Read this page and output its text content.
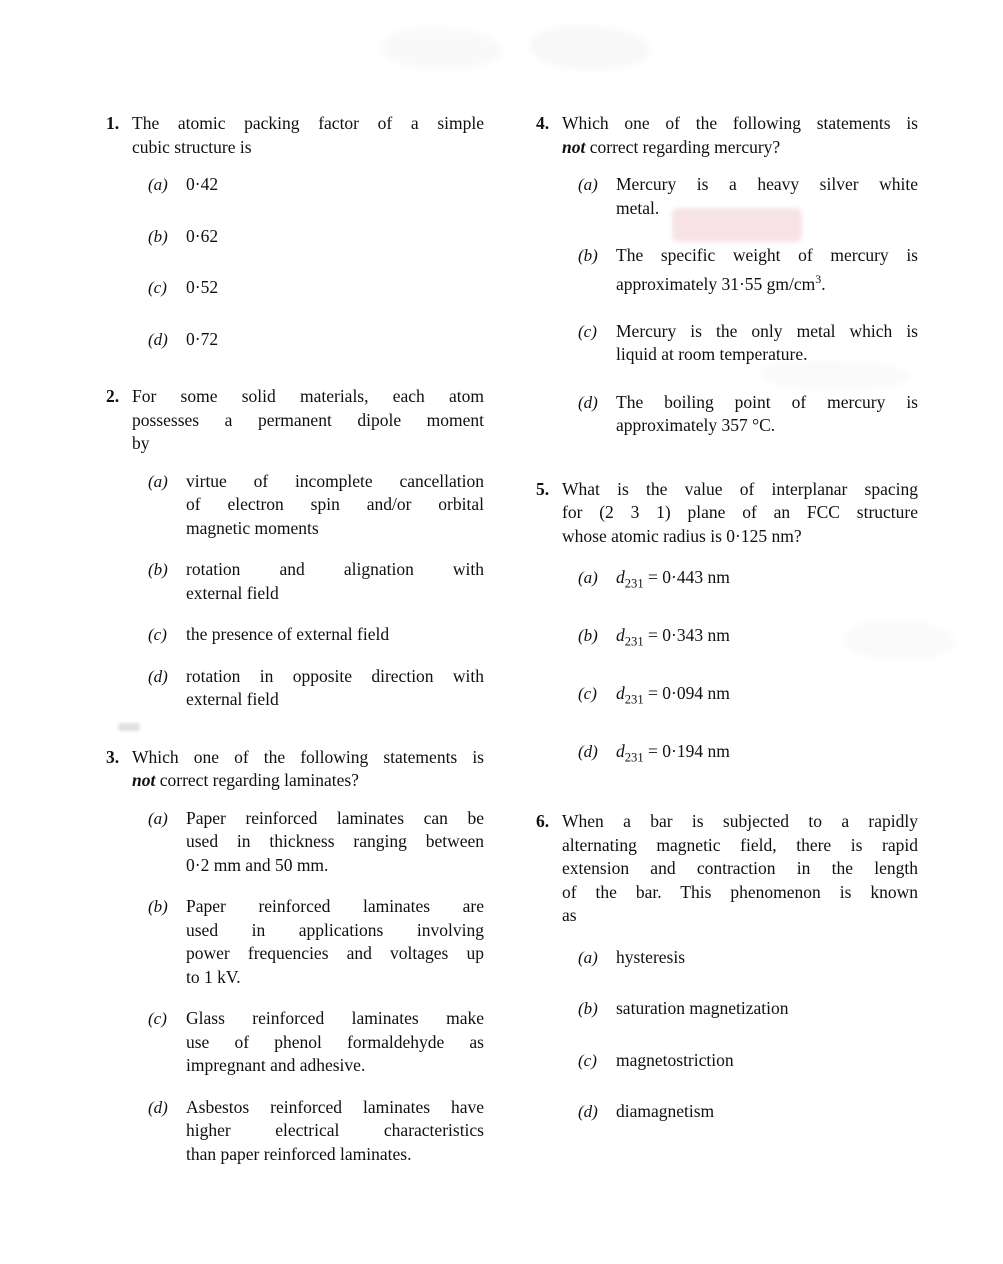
1. The atomic packing factor of a simple
cubic structure is
(a) 0·42
(b) 0·62
(c) 0·52
(d) 0·72
2. For some solid materials, each atom
possesses a permanent dipole moment
by
(a) virtue of incomplete cancellation
of electron spin and/or orbital
magnetic moments
(b) rotation and alignation with
external field
(c) the presence of external field
(d) rotation in opposite direction with
external field
3. Which one of the following statements is
not correct regarding laminates?
(a) Paper reinforced laminates can be
used in thickness ranging between
0·2 mm and 50 mm.
(b) Paper reinforced laminates are
used in applications involving
power frequencies and voltages up
to 1 kV.
(c) Glass reinforced laminates make
use of phenol formaldehyde as
impregnant and adhesive.
(d) Asbestos reinforced laminates have
higher electrical characteristics
than paper reinforced laminates.
4. Which one of the following statements is
not correct regarding mercury?
(a) Mercury is a heavy silver white
metal.
(b) The specific weight of mercury is
approximately 31·55 $gm/cm^3$.
(c) Mercury is the only metal which is
liquid at room temperature.
(d) The boiling point of mercury is
approximately 357 °C.
5. What is the value of interplanar spacing
for (2 3 1) plane of an FCC structure
whose atomic radius is 0·125 nm?
(a) $d_{231} = 0\cdot 443$ nm
(b) $d_{231} = 0\cdot 343$ nm
(c) $d_{231} = 0\cdot 094$ nm
(d) $d_{231} = 0\cdot 194$ nm
6. When a bar is subjected to a rapidly
alternating magnetic field, there is rapid
extension and contraction in the length
of the bar. This phenomenon is known
as
(a) hysteresis
(b) saturation magnetization
(c) magnetostriction
(d) diamagnetism
